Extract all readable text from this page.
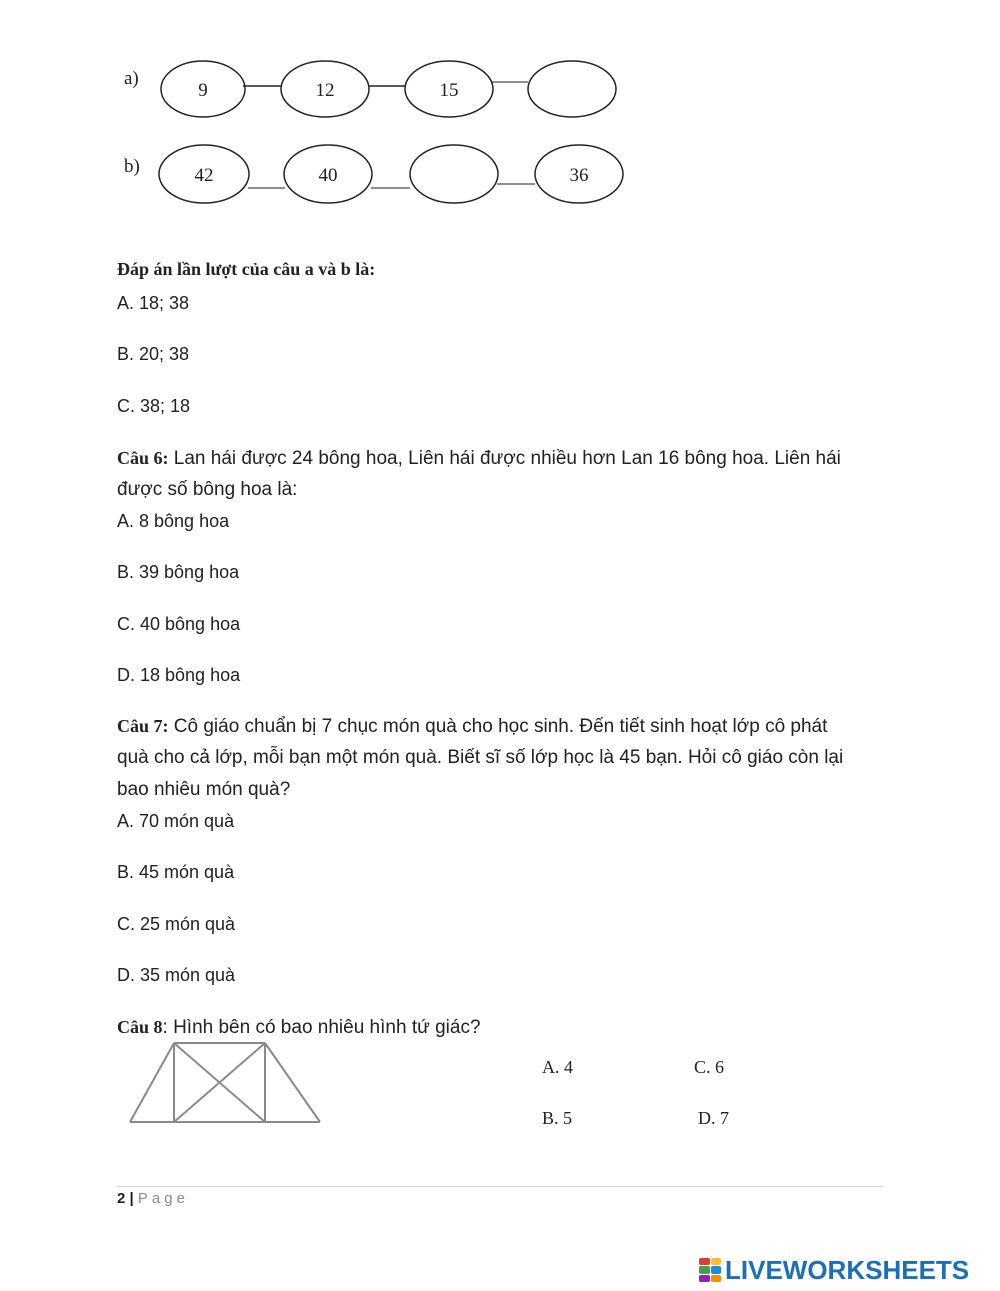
a)
9	12	15
b)	42	40	36
Đáp án lần lượt của câu a và b là:
A. 18; 38
B. 20; 38
C. 38; 18
Câu 6: Lan hái được 24 bông hoa, Liên hái được nhiều hơn Lan 16 bông hoa. Liên hái
được số bông hoa là:
A. 8 bông hoa
B. 39 bông hoa
C. 40 bông hoa
D. 18 bông hoa
Câu 7: Cô giáo chuẩn bị 7 chục món quà cho học sinh. Đến tiết sinh hoạt lớp cô phát
quà cho cả lớp, mỗi bạn một món quà. Biết sĩ số lớp học là 45 bạn. Hỏi cô giáo còn lại
bao nhiêu món quà?
A. 70 món quà
B. 45 món quà
C. 25 món quà
D. 35 món quà
Câu 8: Hình bên có bao nhiêu hình tứ giác?
A. 4	C. 6
B. 5	D. 7
2 | Page
LIVEWORKSHEETS
